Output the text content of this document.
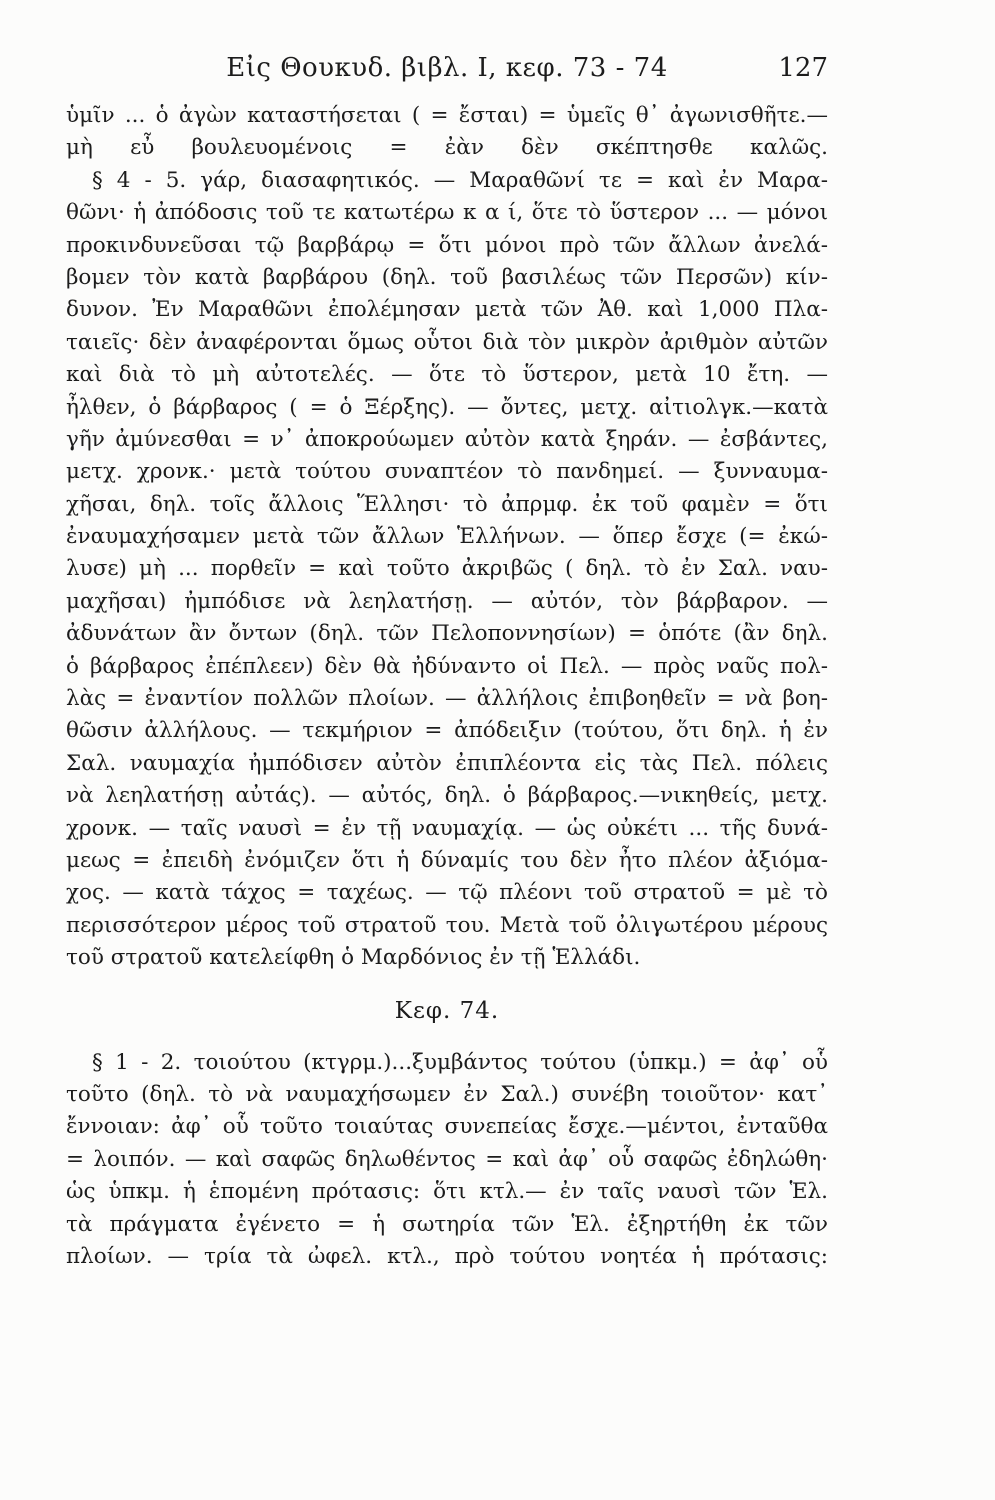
Εἰς Θουκυδ. βιβλ. Ι, κεφ. 73 - 74	127
ὑμῖν ... ὁ ἀγὼν καταστήσεται ( = ἔσται) = ὑμεῖς θ᾽ ἀγωνισθῆτε.—
μὴ εὖ βουλευομένοις = ἐὰν δὲν σκέπτησθε καλῶς.
§ 4 - 5. γάρ, διασαφητικός. — Μαραθῶνί τε = καὶ ἐν Μαρα-
θῶνι· ἡ ἀπόδοσις τοῦ τε κατωτέρω κ α ί, ὅτε τὸ ὕστερον ... — μόνοι
προκινδυνεῦσαι τῷ βαρβάρῳ = ὅτι μόνοι πρὸ τῶν ἄλλων ἀνελά-
βομεν τὸν κατὰ βαρβάρου (δηλ. τοῦ βασιλέως τῶν Περσῶν) κίν-
δυνον. Ἐν Μαραθῶνι ἐπολέμησαν μετὰ τῶν Ἀθ. καὶ 1,000 Πλα-
ταιεῖς· δὲν ἀναφέρονται ὅμως οὗτοι διὰ τὸν μικρὸν ἀριθμὸν αὐτῶν
καὶ διὰ τὸ μὴ αὐτοτελές. — ὅτε τὸ ὕστερον, μετὰ 10 ἔτη. —
ἦλθεν, ὁ βάρβαρος ( = ὁ Ξέρξης). — ὄντες, μετχ. αἰτιολγκ.—κατὰ
γῆν ἀμύνεσθαι = ν᾽ ἀποκρούωμεν αὐτὸν κατὰ ξηράν. — ἐσβάντες,
μετχ. χρονκ.· μετὰ τούτου συναπτέον τὸ πανδημεί. — ξυνναυμα-
χῆσαι, δηλ. τοῖς ἄλλοις Ἕλλησι· τὸ ἀπρμφ. ἐκ τοῦ φαμὲν = ὅτι
ἐναυμαχήσαμεν μετὰ τῶν ἄλλων Ἑλλήνων. — ὅπερ ἔσχε (= ἐκώ-
λυσε) μὴ ... πορθεῖν = καὶ τοῦτο ἀκριβῶς ( δηλ. τὸ ἐν Σαλ. ναυ-
μαχῆσαι) ἠμπόδισε νὰ λεηλατήσῃ. — αὐτόν, τὸν βάρβαρον. —
ἀδυνάτων ἂν ὄντων (δηλ. τῶν Πελοποννησίων) = ὁπότε (ἂν δηλ.
ὁ βάρβαρος ἐπέπλεεν) δὲν θὰ ἠδύναντο οἱ Πελ. — πρὸς ναῦς πολ-
λὰς = ἐναντίον πολλῶν πλοίων. — ἀλλήλοις ἐπιβοηθεῖν = νὰ βοη-
θῶσιν ἀλλήλους. — τεκμήριον = ἀπόδειξιν (τούτου, ὅτι δηλ. ἡ ἐν
Σαλ. ναυμαχία ἠμπόδισεν αὐτὸν ἐπιπλέοντα εἰς τὰς Πελ. πόλεις
νὰ λεηλατήσῃ αὐτάς). — αὐτός, δηλ. ὁ βάρβαρος.—νικηθείς, μετχ.
χρονκ. — ταῖς ναυσὶ = ἐν τῇ ναυμαχίᾳ. — ὡς οὐκέτι ... τῆς δυνά-
μεως = ἐπειδὴ ἐνόμιζεν ὅτι ἡ δύναμίς του δὲν ἦτο πλέον ἀξιόμα-
χος. — κατὰ τάχος = ταχέως. — τῷ πλέονι τοῦ στρατοῦ = μὲ τὸ
περισσότερον μέρος τοῦ στρατοῦ του. Μετὰ τοῦ ὀλιγωτέρου μέρους
τοῦ στρατοῦ κατελείφθη ὁ Μαρδόνιος ἐν τῇ Ἑλλάδι.
Κεφ. 74.
§ 1 - 2. τοιούτου (κτγρμ.)...ξυμβάντος τούτου (ὑπκμ.) = ἀφ᾽ οὗ
τοῦτο (δηλ. τὸ νὰ ναυμαχήσωμεν ἐν Σαλ.) συνέβη τοιοῦτον· κατ᾽
ἔννοιαν: ἀφ᾽ οὗ τοῦτο τοιαύτας συνεπείας ἔσχε.—μέντοι, ἐνταῦθα
= λοιπόν. — καὶ σαφῶς δηλωθέντος = καὶ ἀφ᾽ οὗ σαφῶς ἐδηλώθη·
ὡς ὑπκμ. ἡ ἑπομένη πρότασις: ὅτι κτλ.— ἐν ταῖς ναυσὶ τῶν Ἑλ.
τὰ πράγματα ἐγένετο = ἡ σωτηρία τῶν Ἑλ. ἐξηρτήθη ἐκ τῶν
πλοίων. — τρία τὰ ὠφελ. κτλ., πρὸ τούτου νοητέα ἡ πρότασις:
